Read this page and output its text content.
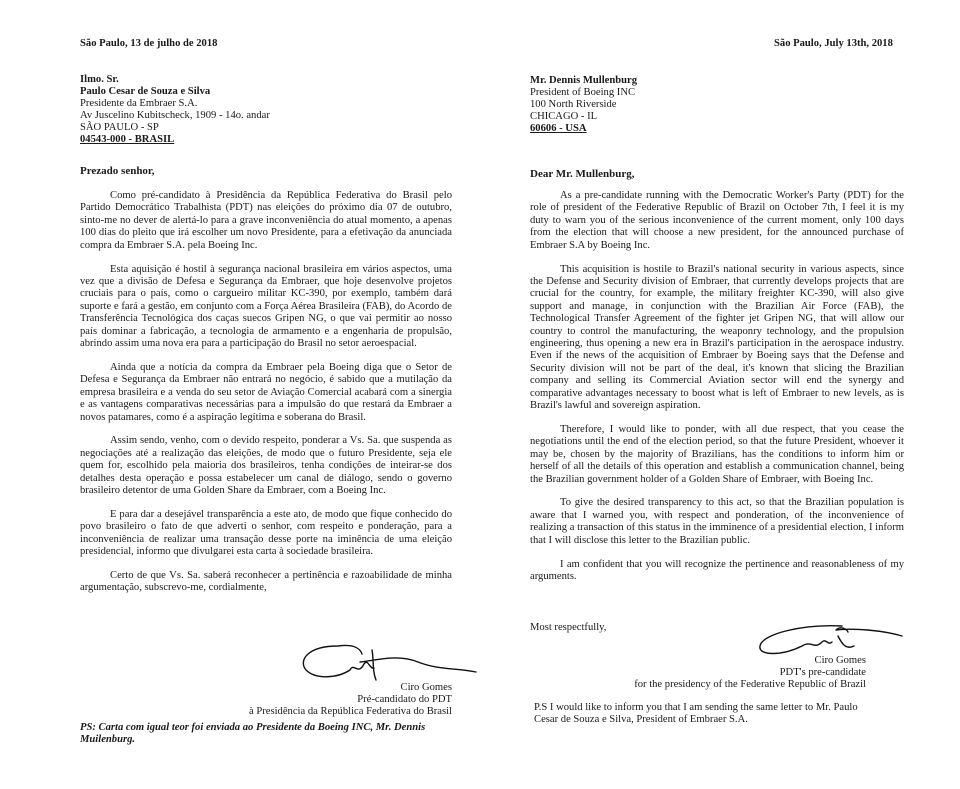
São Paulo, 13 de julho de 2018
Ilmo. Sr.
Paulo Cesar de Souza e Silva
Presidente da Embraer S.A.
Av Juscelino Kubitscheck, 1909 - 14o. andar
SÃO PAULO - SP
04543-000 - BRASIL
Prezado senhor,

Como pré-candidato à Presidência da República Federativa do Brasil pelo Partido Democrático Trabalhista (PDT) nas eleições do próximo dia 07 de outubro, sinto-me no dever de alertá-lo para a grave inconveniência do atual momento, a apenas 100 dias do pleito que irá escolher um novo Presidente, para a efetivação da anunciada compra da Embraer S.A. pela Boeing Inc.

Esta aquisição é hostil à segurança nacional brasileira em vários aspectos, uma vez que a divisão de Defesa e Segurança da Embraer, que hoje desenvolve projetos cruciais para o país, como o cargueiro militar KC-390, por exemplo, também dará suporte e fará a gestão, em conjunto com a Força Aérea Brasileira (FAB), do Acordo de Transferência Tecnológica dos caças suecos Gripen NG, o que vai permitir ao nosso país dominar a fabricação, a tecnologia de armamento e a engenharia de propulsão, abrindo assim uma nova era para a participação do Brasil no setor aeroespacial.

Ainda que a notícia da compra da Embraer pela Boeing diga que o Setor de Defesa e Segurança da Embraer não entrará no negócio, é sabido que a mutilação da empresa brasileira e a venda do seu setor de Aviação Comercial acabará com a sinergia e as vantagens comparativas necessárias para a impulsão do que restará da Embraer a novos patamares, como é a aspiração legítima e soberana do Brasil.

Assim sendo, venho, com o devido respeito, ponderar a Vs. Sa. que suspenda as negociações até a realização das eleições, de modo que o futuro Presidente, seja ele quem for, escolhido pela maioria dos brasileiros, tenha condições de inteirar-se dos detalhes desta operação e possa estabelecer um canal de diálogo, sendo o governo brasileiro detentor de uma Golden Share da Embraer, com a Boeing Inc.

E para dar a desejável transparência a este ato, de modo que fique conhecido do povo brasileiro o fato de que adverti o senhor, com respeito e ponderação, para a inconveniência de realizar uma transação desse porte na iminência de uma eleição presidencial, informo que divulgarei esta carta à sociedade brasileira.

Certo de que Vs. Sa. saberá reconhecer a pertinência e razoabilidade de minha argumentação, subscrevo-me, cordialmente,

Ciro Gomes
Pré-candidato do PDT
à Presidência da República Federativa do Brasil
PS: Carta com igual teor foi enviada ao Presidente da Boeing INC, Mr. Dennis Muilenburg.
São Paulo, July 13th, 2018
Mr. Dennis Mullenburg
President of Boeing INC
100 North Riverside
CHICAGO - IL
60606 - USA
Dear Mr. Mullenburg,

As a pre-candidate running with the Democratic Worker's Party (PDT) for the role of president of the Federative Republic of Brazil on October 7th, I feel it is my duty to warn you of the serious inconvenience of the current moment, only 100 days from the election that will choose a new president, for the announced purchase of Embraer S.A by Boeing Inc.

This acquisition is hostile to Brazil's national security in various aspects, since the Defense and Security division of Embraer, that currently develops projects that are crucial for the country, for example, the military freighter KC-390, will also give support and manage, in conjunction with the Brazilian Air Force (FAB), the Technological Transfer Agreement of the fighter jet Gripen NG, that will allow our country to control the manufacturing, the weaponry technology, and the propulsion engineering, thus opening a new era in Brazil's participation in the aerospace industry. Even if the news of the acquisition of Embraer by Boeing says that the Defense and Security division will not be part of the deal, it's known that slicing the Brazilian company and selling its Commercial Aviation sector will end the synergy and comparative advantages necessary to boost what is left of Embraer to new levels, as is Brazil's lawful and sovereign aspiration.

Therefore, I would like to ponder, with all due respect, that you cease the negotiations until the end of the election period, so that the future President, whoever it may be, chosen by the majority of Brazilians, has the conditions to inform him or herself of all the details of this operation and establish a communication channel, being the Brazilian government holder of a Golden Share of Embraer, with Boeing Inc.

To give the desired transparency to this act, so that the Brazilian population is aware that I warned you, with respect and ponderation, of the inconvenience of realizing a transaction of this status in the imminence of a presidential election, I inform that I will disclose this letter to the Brazilian public.

I am confident that you will recognize the pertinence and reasonableness of my arguments.

Most respectfully,
Ciro Gomes
PDT's pre-candidate
for the presidency of the Federative Republic of Brazil
P.S I would like to inform you that I am sending the same letter to Mr. Paulo Cesar de Souza e Silva, President of Embraer S.A.
